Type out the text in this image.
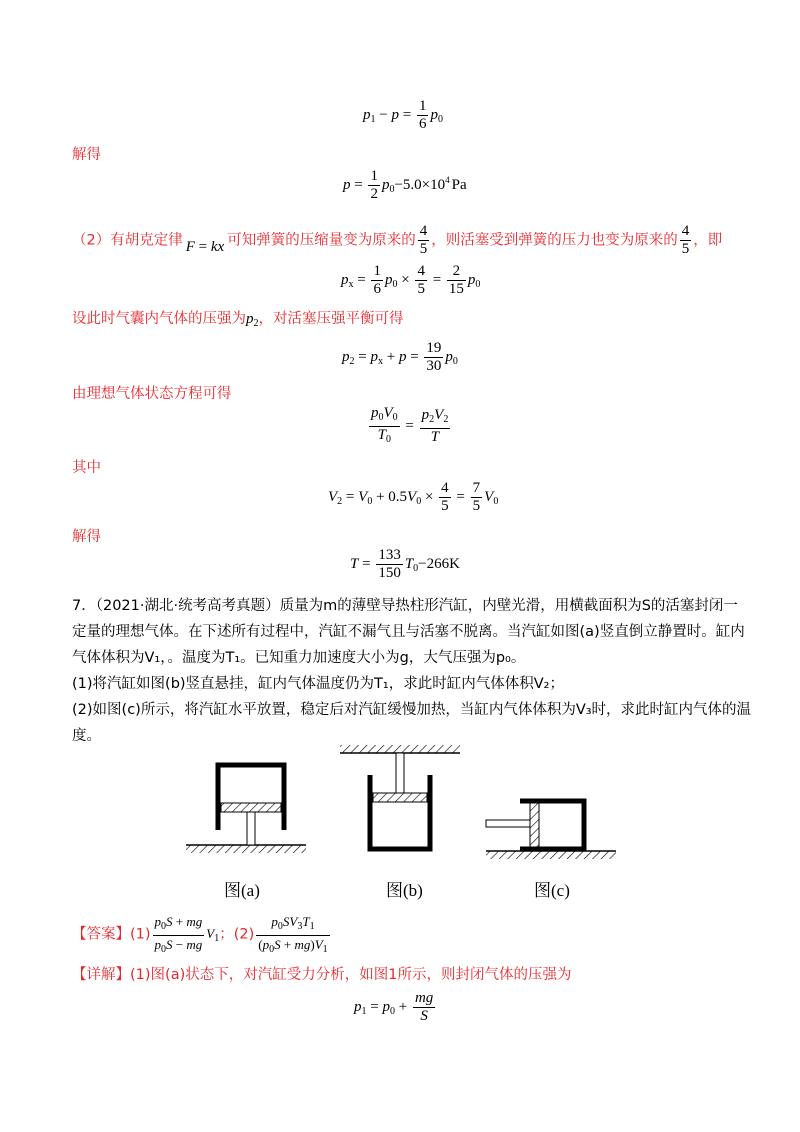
$p_1 - p = \frac{1}{6} p_0$
解得
$p = \frac{1}{2} p_0-5.0\times 10^4$ Pa
（2）有胡克定律 F = kx 可知弹簧的压缩量变为原来的 $\frac{4}{5}$ ，则活塞受到弹簧的压力也变为原来的 $\frac{4}{5}$ ，即
$p_x = \frac{1}{6} p_0 \times \frac{4}{5} = \frac{2}{15} p_0$
设此时气囊内气体的压强为$p_2$，对活塞压强平衡可得
$p_2 = p_x + p = \frac{19}{30} p_0$
由理想气体状态方程可得
$\frac{p_0V_0}{T_0} = \frac{p_2V_2}{T}$
其中
$V_2 = V_0 + 0.5V_0 \times \frac{4}{5} = \frac{7}{5} V_0$
解得
$T = \frac{133}{150} T_0-266K$
7．（2021·湖北·统考高考真题）质量为m的薄壁导热柱形汽缸，内壁光滑，用横截面积为S的活塞封闭一
定量的理想气体。在下述所有过程中，汽缸不漏气且与活塞不脱离。当汽缸如图(a)竖直倒立静置时。缸内
气体体积为V₁，。温度为T₁。已知重力加速度大小为g，大气压强为p₀。
(1)将汽缸如图(b)竖直悬挂，缸内气体温度仍为T₁，求此时缸内气体体积V₂；
(2)如图(c)所示，将汽缸水平放置，稳定后对汽缸缓慢加热，当缸内气体体积为V₃时，求此时缸内气体的温
度。
图(a)	图(b)	图(c)
【答案】$(1) \frac{p_0S + mg}{p_0S - mg} V_1$；$(2) \frac{p_0SV_3T_1}{(p_0S + mg)V_1}$
【详解】(1)图(a)状态下，对汽缸受力分析，如图1所示，则封闭气体的压强为
$p_1 = p_0 + \frac{mg}{S}$
